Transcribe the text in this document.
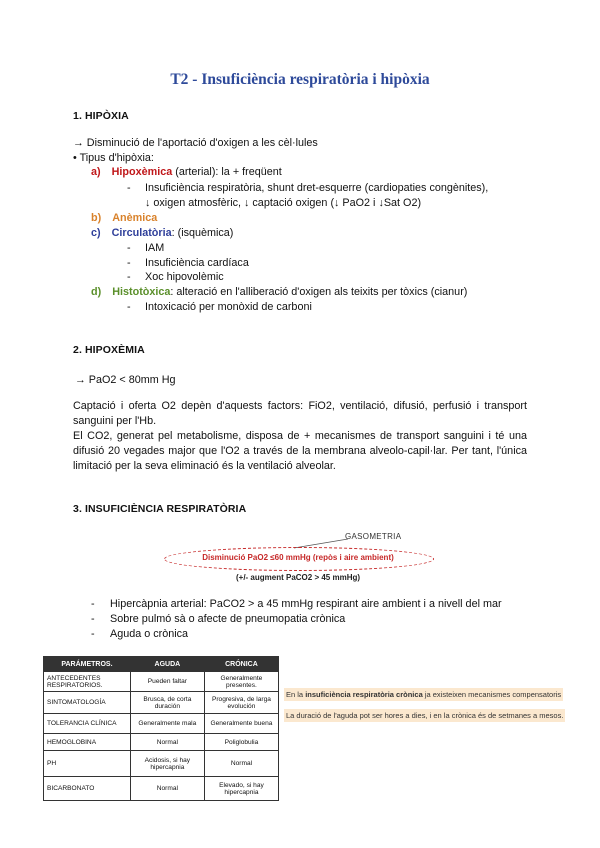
T2 - Insuficiència respiratòria i hipòxia
1. HIPÒXIA
→ Disminució de l'aportació d'oxigen a les cèl·lules
• Tipus d'hipòxia:
a) Hipoxèmica (arterial): la + freqüent
- Insuficiència respiratòria, shunt dret-esquerre (cardiopaties congènites),
↓ oxigen atmosfèric, ↓ captació oxigen (↓ PaO2 i ↓Sat O2)
b) Anèmica
c) Circulatòria: (isquèmica)
- IAM
- Insuficiència cardíaca
- Xoc hipovolèmic
d) Histotòxica: alteració en l'alliberació d'oxigen als teixits per tòxics (cianur)
- Intoxicació per monòxid de carboni
2. HIPOXÈMIA
→ PaO2 < 80mm Hg
Captació i oferta O2 depèn d'aquests factors: FiO2, ventilació, difusió, perfusió i transport sanguini per l'Hb.
El CO2, generat pel metabolisme, disposa de + mecanismes de transport sanguini i té una difusió 20 vegades major que l'O2 a través de la membrana alveolo-capil·lar. Per tant, l'única limitació per la seva eliminació és la ventilació alveolar.
3. INSUFICIÈNCIA RESPIRATÒRIA
GASOMETRIA
Disminució PaO2 ≤60 mmHg (repòs i aire ambient)
(+/- augment PaCO2 > 45 mmHg)
- Hipercàpnia arterial: PaCO2 > a 45 mmHg respirant aire ambient i a nivell del mar
- Sobre pulmó sà o afecte de pneumopatia crònica
- Aguda o crònica
PARÁMETROS.	AGUDA	CRÓNICA
ANTECEDENTES RESPIRATORIOS.	Pueden faltar	Generalmente presentes.
SINTOMATOLOGÍA	Brusca, de corta duración	Progresiva, de larga evolución
TOLERANCIA CLÍNICA	Generalmente mala	Generalmente buena
HEMOGLOBINA	Normal	Poliglobulia
PH	Acidosis, si hay hipercapnia	Normal
BICARBONATO	Normal	Elevado, si hay hipercapnia
En la insuficiència respiratòria crònica ja existeixen mecanismes compensatoris
La duració de l'aguda pot ser hores a dies, i en la crònica és de setmanes a mesos.
